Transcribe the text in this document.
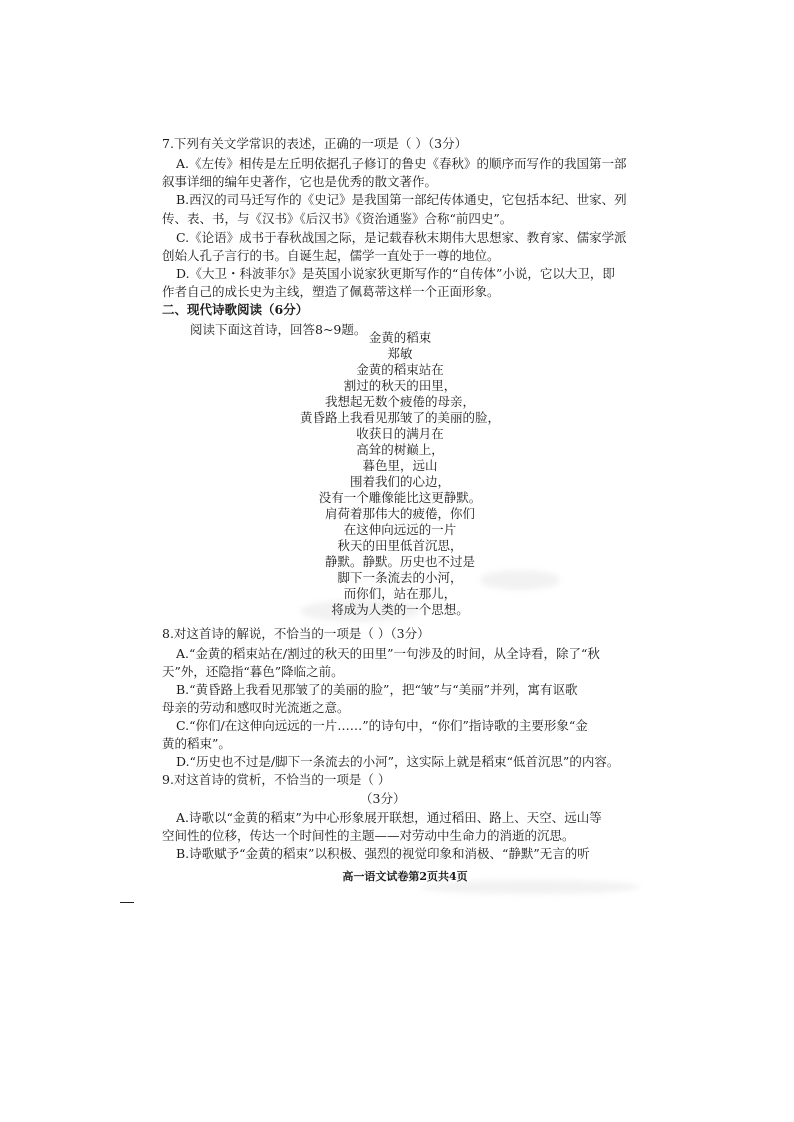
7.下列有关文学常识的表述，正确的一项是（ ）（3分）
A.《左传》相传是左丘明依据孔子修订的鲁史《春秋》的顺序而写作的我国第一部
叙事详细的编年史著作，它也是优秀的散文著作。
B.西汉的司马迁写作的《史记》是我国第一部纪传体通史，它包括本纪、世家、列
传、表、书，与《汉书》《后汉书》《资治通鉴》合称“前四史”。
C.《论语》成书于春秋战国之际，是记载春秋末期伟大思想家、教育家、儒家学派
创始人孔子言行的书。自诞生起，儒学一直处于一尊的地位。
D.《大卫・科波菲尔》是英国小说家狄更斯写作的“自传体”小说，它以大卫，即
作者自己的成长史为主线，塑造了佩葛蒂这样一个正面形象。
二、现代诗歌阅读（6分）
阅读下面这首诗，回答8~9题。
金黄的稻束
郑敏
金黄的稻束站在
割过的秋天的田里，
我想起无数个疲倦的母亲，
黄昏路上我看见那皱了的美丽的脸，
收获日的满月在
高耸的树巅上，
暮色里，远山
围着我们的心边，
没有一个雕像能比这更静默。
肩荷着那伟大的疲倦，你们
在这伸向远远的一片
秋天的田里低首沉思，
静默。静默。历史也不过是
脚下一条流去的小河，
而你们，站在那儿，
将成为人类的一个思想。
8.对这首诗的解说，不恰当的一项是（ ）（3分）
A.“金黄的稻束站在/割过的秋天的田里”一句涉及的时间，从全诗看，除了“秋
天”外，还隐指“暮色”降临之前。
B.“黄昏路上我看见那皱了的美丽的脸”，把“皱”与“美丽”并列，寓有讴歌
母亲的劳动和感叹时光流逝之意。
C.“你们/在这伸向远远的一片……”的诗句中，“你们”指诗歌的主要形象“金
黄的稻束”。
D.“历史也不过是/脚下一条流去的小河”，这实际上就是稻束“低首沉思”的内容。
9.对这首诗的赏析，不恰当的一项是（ ）
（3分）
高一语文试卷第2页共4页
空间性的位移，传达一个时间性的主题——对劳动中生命力的消逝的沉思。
B.诗歌赋予“金黄的稻束”以积极、强烈的视觉印象和消极、“静默”无言的听
A.诗歌以“金黄的稻束”为中心形象展开联想，通过稻田、路上、天空、远山等
